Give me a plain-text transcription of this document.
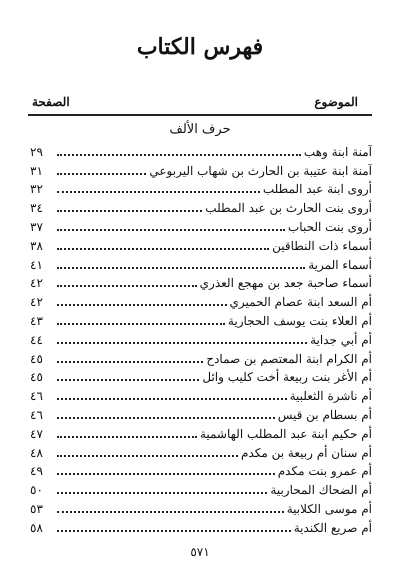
فهرس الكتاب
الموضوع
الصفحة
حرف الألف
آمنة ابنة وهب
٢٩
آمنة ابنة عتيبة بن الحارث بن شهاب اليربوعي
٣١
أروى ابنة عبد المطلب
٣٢
أروى بنت الحارث بن عبد المطلب
٣٤
أروى بنت الحباب
٣٧
أسماء ذات النطاقين
٣٨
أسماء المرية
٤١
أسماء صاحبة جعد بن مهجع العذري
٤٢
أم السعد ابنة عصام الحميري
٤٢
أم العلاء بنت يوسف الحجارية
٤٣
أم أبي جداية
٤٤
أم الكرام ابنة المعتصم بن صمادح
٤٥
أم الأغر بنت ربيعة أخت كليب وائل
٤٥
أم ناشرة الثعلبية
٤٦
أم بسطام بن قيس
٤٦
أم حكيم ابنة عبد المطلب الهاشمية
٤٧
أم سنان أم ربيعة بن مكدم
٤٨
أم عمرو بنت مكدم
٤٩
أم الضحاك المحاربية
٥٠
أم موسى الكلابية
٥٣
أم صريع الكندية
٥٨
٥٧١
